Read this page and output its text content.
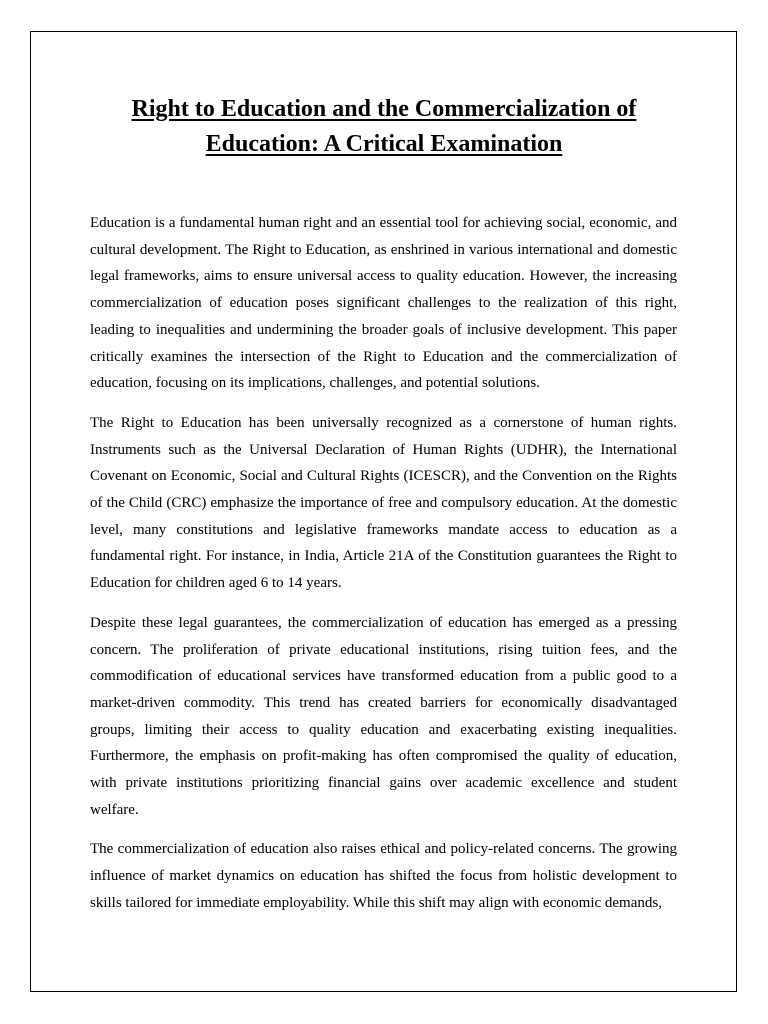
Right to Education and the Commercialization of Education: A Critical Examination

Education is a fundamental human right and an essential tool for achieving social, economic, and cultural development. The Right to Education, as enshrined in various international and domestic legal frameworks, aims to ensure universal access to quality education. However, the increasing commercialization of education poses significant challenges to the realization of this right, leading to inequalities and undermining the broader goals of inclusive development. This paper critically examines the intersection of the Right to Education and the commercialization of education, focusing on its implications, challenges, and potential solutions.

The Right to Education has been universally recognized as a cornerstone of human rights. Instruments such as the Universal Declaration of Human Rights (UDHR), the International Covenant on Economic, Social and Cultural Rights (ICESCR), and the Convention on the Rights of the Child (CRC) emphasize the importance of free and compulsory education. At the domestic level, many constitutions and legislative frameworks mandate access to education as a fundamental right. For instance, in India, Article 21A of the Constitution guarantees the Right to Education for children aged 6 to 14 years.

Despite these legal guarantees, the commercialization of education has emerged as a pressing concern. The proliferation of private educational institutions, rising tuition fees, and the commodification of educational services have transformed education from a public good to a market-driven commodity. This trend has created barriers for economically disadvantaged groups, limiting their access to quality education and exacerbating existing inequalities. Furthermore, the emphasis on profit-making has often compromised the quality of education, with private institutions prioritizing financial gains over academic excellence and student welfare.

The commercialization of education also raises ethical and policy-related concerns. The growing influence of market dynamics on education has shifted the focus from holistic development to skills tailored for immediate employability. While this shift may align with economic demands,
